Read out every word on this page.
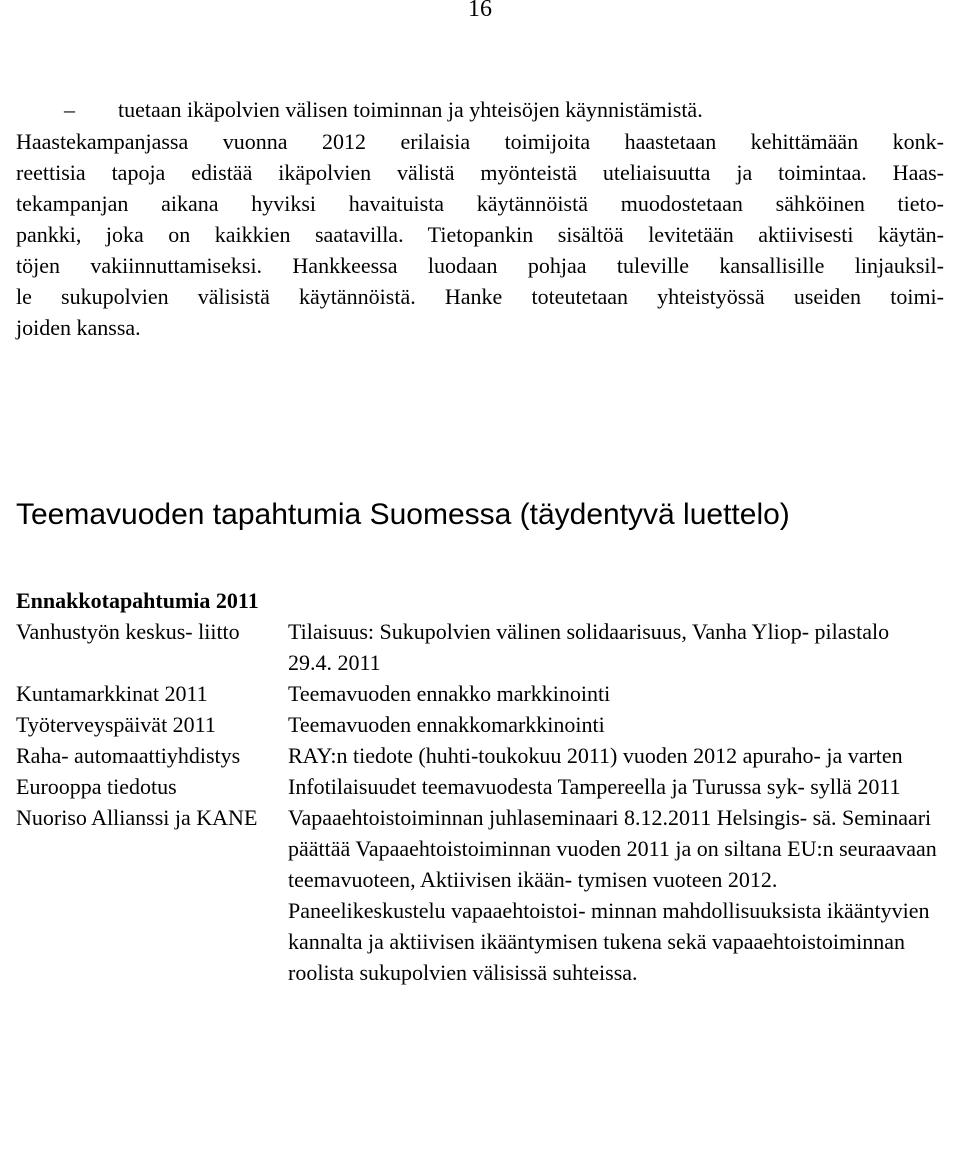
16
– tuetaan ikäpolvien välisen toiminnan ja yhteisöjen käynnistämistä.
Haastekampanjassa vuonna 2012 erilaisia toimijoita haastetaan kehittämään konk-
reettisia tapoja edistää ikäpolvien välistä myönteistä uteliaisuutta ja toimintaa. Haas-
tekampanjan aikana hyviksi havaituista käytännöistä muodostetaan sähköinen tieto-
pankki, joka on kaikkien saatavilla. Tietopankin sisältöä levitetään aktiivisesti käytän-
töjen vakiinnuttamiseksi. Hankkeessa luodaan pohjaa tuleville kansallisille linjauksil-
le sukupolvien välisistä käytännöistä. Hanke toteutetaan yhteistyössä useiden toimi-
joiden kanssa.
Teemavuoden tapahtumia Suomessa (täydentyvä luettelo)
Ennakkotapahtumia 2011	
Vanhustyön keskus- liitto	Tilaisuus: Sukupolvien välinen solidaarisuus, Vanha Yliop- pilastalo 29.4. 2011
Kuntamarkkinat 2011	Teemavuoden ennakko markkinointi
Työterveyspäivät 2011	Teemavuoden ennakkomarkkinointi
Raha- automaattiyhdistys	RAY:n tiedote (huhti-toukokuu 2011) vuoden 2012 apuraho- ja varten
Eurooppa tiedotus	Infotilaisuudet teemavuodesta Tampereella ja Turussa syk- syllä 2011
Nuoriso Allianssi ja KANE	Vapaaehtoistoiminnan juhlaseminaari 8.12.2011 Helsingis- sä. Seminaari päättää Vapaaehtoistoiminnan vuoden 2011 ja on siltana EU:n seuraavaan teemavuoteen, Aktiivisen ikään- tymisen vuoteen 2012. Paneelikeskustelu vapaaehtoistoi- minnan mahdollisuuksista ikääntyvien kannalta ja aktiivisen ikääntymisen tukena sekä vapaaehtoistoiminnan roolista sukupolvien välisissä suhteissa.
